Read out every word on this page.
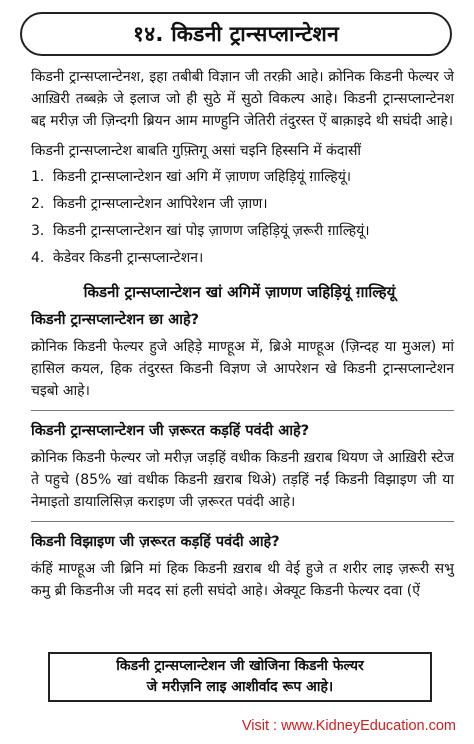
१४. किडनी ट्रान्सप्लान्टेशन

किडनी ट्रान्सप्लान्टेनश, इहा तबीबी विज्ञान जी तरक़ी आहे। क्रोनिक किडनी फेल्यर जे आख़िरी तब्बक़े जे इलाज जो ही सुठे में सुठो विकल्प आहे। किडनी ट्रान्सप्लान्टेनश बद्द मरीज़ जी ज़िन्दगी ब्रियन आम माण्हुनि जेतिरी तंदुरस्त ऐं बाक़ाइदे थी सघंदी आहे।

किडनी ट्रान्सप्लान्टेश बाबति गुफ़्तिगू असां चइनि हिस्सनि में कंदासीं

1. किडनी ट्रान्सप्लान्टेशन खां अगि में ज़ाणण जहिड़ियूं ग़ाल्हियूं।
2. किडनी ट्रान्सप्लान्टेशन आपिरेशन जी ज़ाण।
3. किडनी ट्रान्सप्लान्टेशन खां पोइ ज़ाणण जहिड़ियूं ज़रूरी ग़ाल्हियूं।
4. केडेवर किडनी ट्रान्सप्लान्टेशन।
किडनी ट्रान्सप्लान्टेशन खां अगिमें ज़ाणण जहिड़ियूं ग़ाल्हियूं
किडनी ट्रान्सप्लान्टेशन छा आहे?

क्रोनिक किडनी फेल्यर हुजे अहिड़े माण्हूअ में, ब्रिअे माण्हूअ (ज़िन्दह या मुअल) मां हासिल कयल, हिक तंदुरस्त किडनी विज्ञण जे आपरेशन खे किडनी ट्रान्सप्लान्टेशन चइबो आहे।

किडनी ट्रान्सप्लान्टेशन जी ज़रूरत कड़हिं पवंदी आहे?

क्रोनिक किडनी फेल्यर जो मरीज़ जड़हिं वधीक किडनी ख़राब थियण जे आख़िरी स्टेज ते पहुचे (85% खां वधीक किडनी ख़राब थिअे) तड़हिं नईं किडनी विझाइण जी या नेमाइतो डायालिसिज़ कराइण जी ज़रूरत पवंदी आहे।

किडनी विझाइण जी ज़रूरत कड़हिं पवंदी आहे?

कंहिं माण्हूअ जी ब्रिनि मां हिक किडनी ख़राब थी वेई हुजे त शरीर लाइ ज़रूरी सभु कमु ब्री किडनीअ जी मदद सां हली सघंदो आहे। अेक्यूट किडनी फेल्यर दवा (ऐं

किडनी ट्रान्सप्लान्टेशन जी खोजिना किडनी फेल्यर
जे मरीज़नि लाइ आशीर्वाद रूप आहे।
Visit : www.KidneyEducation.com
